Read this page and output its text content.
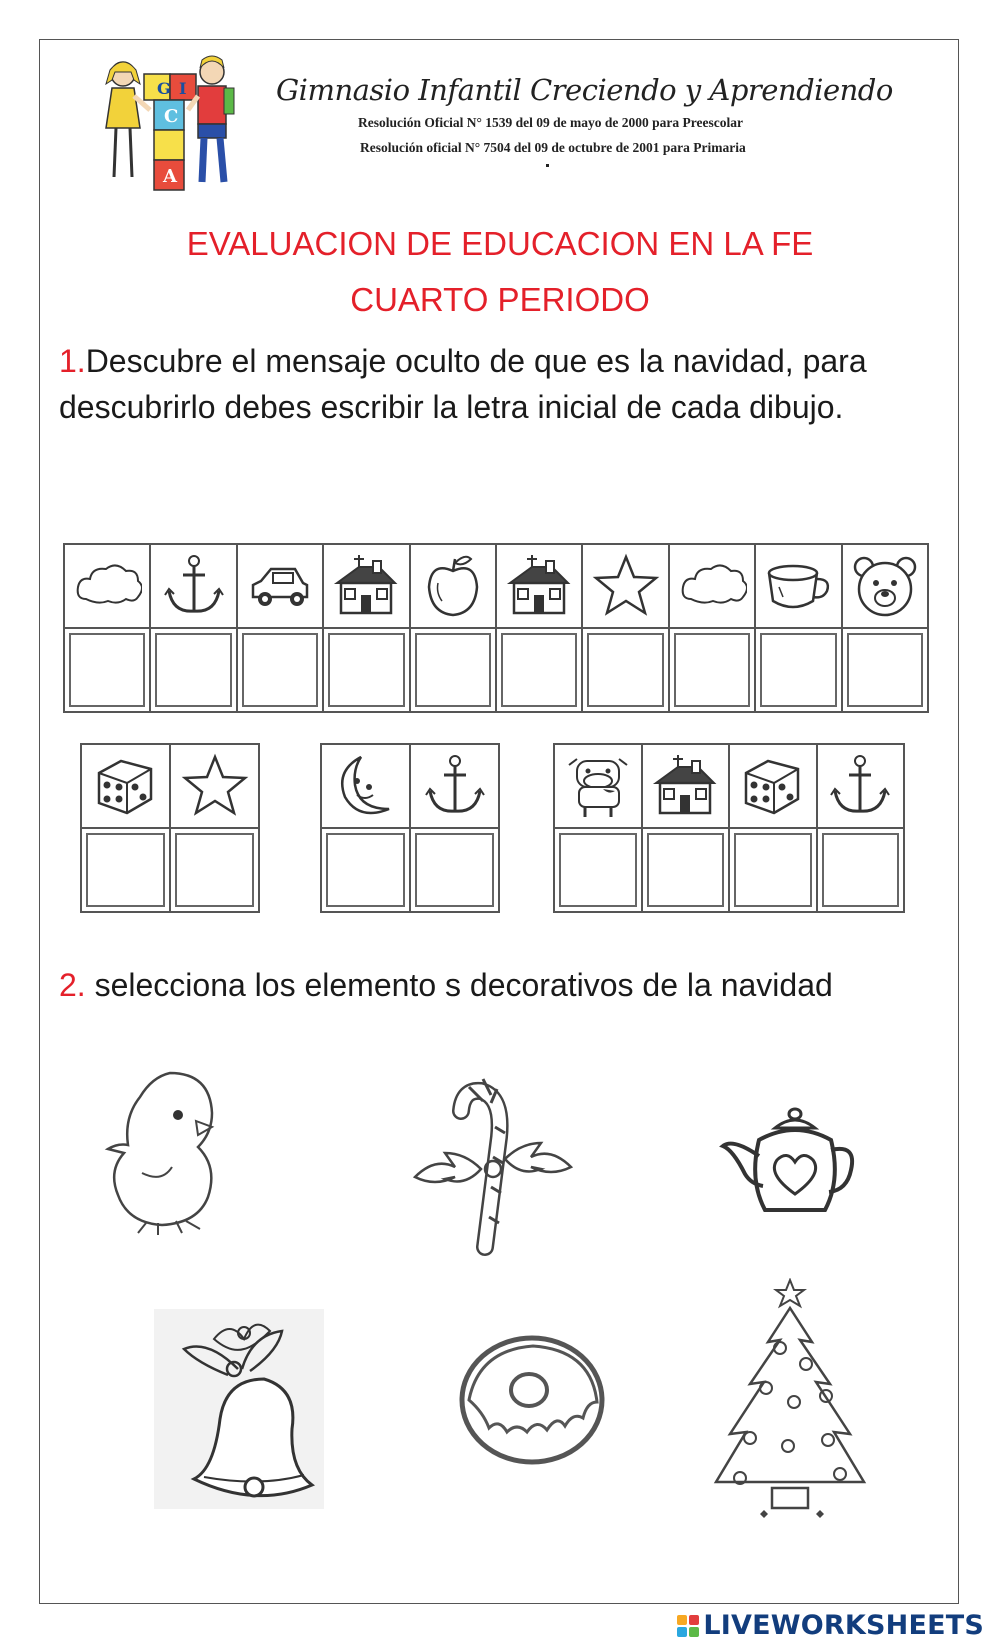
G I
C
A
Gimnasio Infantil Creciendo y Aprendiendo
Resolución Oficial N° 1539 del 09 de mayo de 2000 para Preescolar
Resolución oficial N° 7504 del 09 de octubre de 2001 para Primaria
EVALUACION DE EDUCACION EN LA FE
CUARTO PERIODO
1.Descubre el mensaje oculto de que es la navidad, para descubrirlo debes escribir la letra inicial de cada dibujo.
2. selecciona los elemento s decorativos de la navidad
LIVEWORKSHEETS
